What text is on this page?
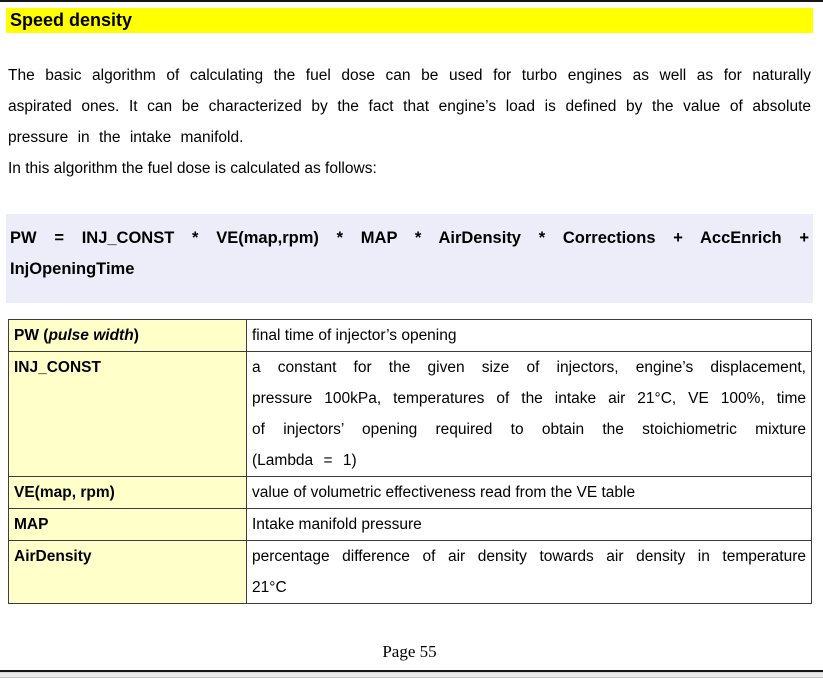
Speed density
The basic algorithm of calculating the fuel dose can be used for turbo engines as well as for naturally aspirated ones. It can be characterized by the fact that engine’s load is defined by the value of absolute pressure in the intake manifold.
In this algorithm the fuel dose is calculated as follows:
PW = INJ_CONST * VE(map,rpm) * MAP * AirDensity * Corrections + AccEnrich +
InjOpeningTime
PW (pulse width)	final time of injector’s opening
INJ_CONST	a constant for the given size of injectors, engine’s displacement, pressure 100kPa, temperatures of the intake air 21°C, VE 100%, time of injectors’ opening required to obtain the stoichiometric mixture (Lambda = 1)
VE(map, rpm)	value of volumetric effectiveness read from the VE table
MAP	Intake manifold pressure
AirDensity	percentage difference of air density towards air density in temperature 21°C
Page 55
